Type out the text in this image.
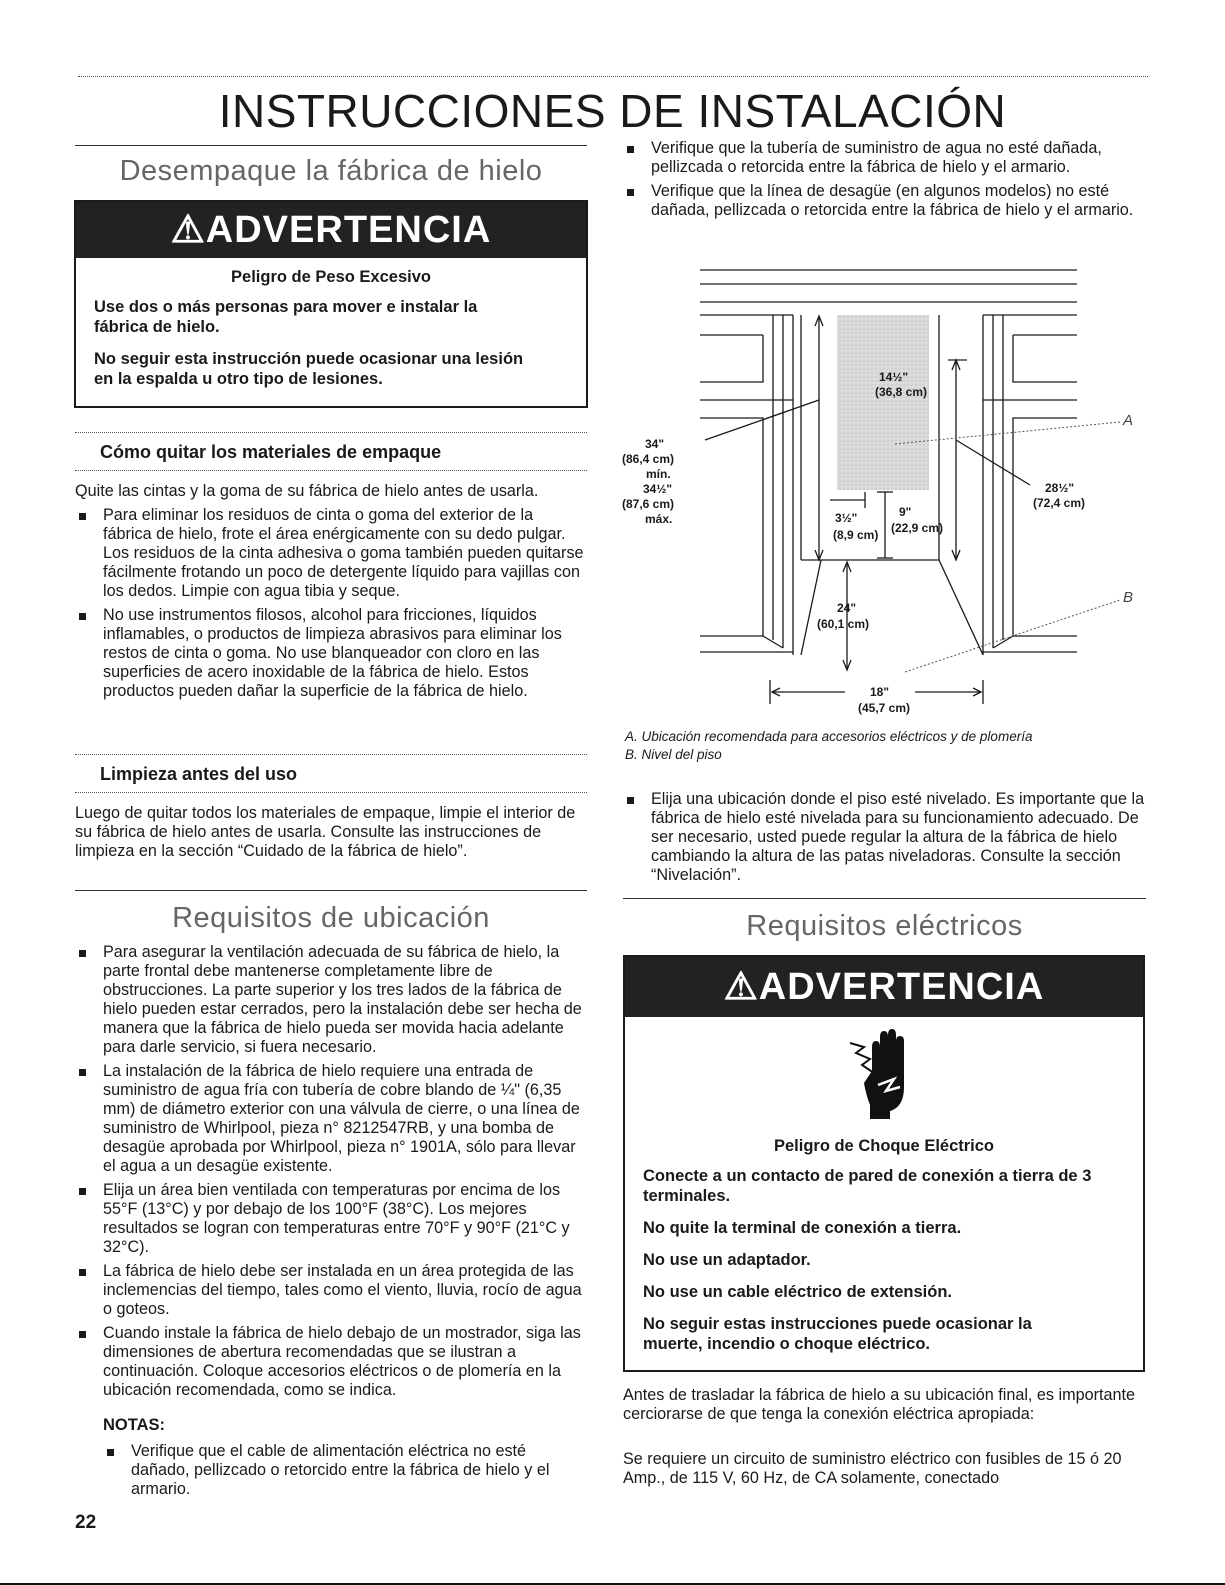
INSTRUCCIONES DE INSTALACIÓN
Desempaque la fábrica de hielo
⚠ADVERTENCIA
Peligro de Peso Excesivo
Use dos o más personas para mover e instalar la fábrica de hielo.
No seguir esta instrucción puede ocasionar una lesión en la espalda u otro tipo de lesiones.
Cómo quitar los materiales de empaque
Quite las cintas y la goma de su fábrica de hielo antes de usarla.
Para eliminar los residuos de cinta o goma del exterior de la fábrica de hielo, frote el área enérgicamente con su dedo pulgar. Los residuos de la cinta adhesiva o goma también pueden quitarse fácilmente frotando un poco de detergente líquido para vajillas con los dedos. Limpie con agua tibia y seque.
No use instrumentos filosos, alcohol para fricciones, líquidos inflamables, o productos de limpieza abrasivos para eliminar los restos de cinta o goma. No use blanqueador con cloro en las superficies de acero inoxidable de la fábrica de hielo. Estos productos pueden dañar la superficie de la fábrica de hielo.
Limpieza antes del uso
Luego de quitar todos los materiales de empaque, limpie el interior de su fábrica de hielo antes de usarla. Consulte las instrucciones de limpieza en la sección “Cuidado de la fábrica de hielo”.
Requisitos de ubicación
Para asegurar la ventilación adecuada de su fábrica de hielo, la parte frontal debe mantenerse completamente libre de obstrucciones. La parte superior y los tres lados de la fábrica de hielo pueden estar cerrados, pero la instalación debe ser hecha de manera que la fábrica de hielo pueda ser movida hacia adelante para darle servicio, si fuera necesario.
La instalación de la fábrica de hielo requiere una entrada de suministro de agua fría con tubería de cobre blando de ¼" (6,35 mm) de diámetro exterior con una válvula de cierre, o una línea de suministro de Whirlpool, pieza n° 8212547RB, y una bomba de desagüe aprobada por Whirlpool, pieza n° 1901A, sólo para llevar el agua a un desagüe existente.
Elija un área bien ventilada con temperaturas por encima de los 55°F (13°C) y por debajo de los 100°F (38°C). Los mejores resultados se logran con temperaturas entre 70°F y 90°F (21°C y 32°C).
La fábrica de hielo debe ser instalada en un área protegida de las inclemencias del tiempo, tales como el viento, lluvia, rocío de agua o goteos.
Cuando instale la fábrica de hielo debajo de un mostrador, siga las dimensiones de abertura recomendadas que se ilustran a continuación. Coloque accesorios eléctricos o de plomería en la ubicación recomendada, como se indica.
NOTAS:
Verifique que el cable de alimentación eléctrica no esté dañado, pellizcado o retorcido entre la fábrica de hielo y el armario.
22
Verifique que la tubería de suministro de agua no esté dañada, pellizcada o retorcida entre la fábrica de hielo y el armario.
Verifique que la línea de desagüe (en algunos modelos) no esté dañada, pellizcada o retorcida entre la fábrica de hielo y el armario.
34"
(86,4 cm)
mín.
34½"
(87,6 cm)
máx.
14½"
(36,8 cm)
28½"
(72,4 cm)
3½"
(8,9 cm)
9"
(22,9 cm)
24"
(60,1 cm)
18"
(45,7 cm)
A
B
A. Ubicación recomendada para accesorios eléctricos y de plomería
B. Nivel del piso
Elija una ubicación donde el piso esté nivelado. Es importante que la fábrica de hielo esté nivelada para su funcionamiento adecuado. De ser necesario, usted puede regular la altura de la fábrica de hielo cambiando la altura de las patas niveladoras. Consulte la sección “Nivelación”.
Requisitos eléctricos
⚠ADVERTENCIA
Peligro de Choque Eléctrico
Conecte a un contacto de pared de conexión a tierra de 3 terminales.
No quite la terminal de conexión a tierra.
No use un adaptador.
No use un cable eléctrico de extensión.
No seguir estas instrucciones puede ocasionar la muerte, incendio o choque eléctrico.
Antes de trasladar la fábrica de hielo a su ubicación final, es importante cerciorarse de que tenga la conexión eléctrica apropiada:
Se requiere un circuito de suministro eléctrico con fusibles de 15 ó 20 Amp., de 115 V, 60 Hz, de CA solamente, conectado
